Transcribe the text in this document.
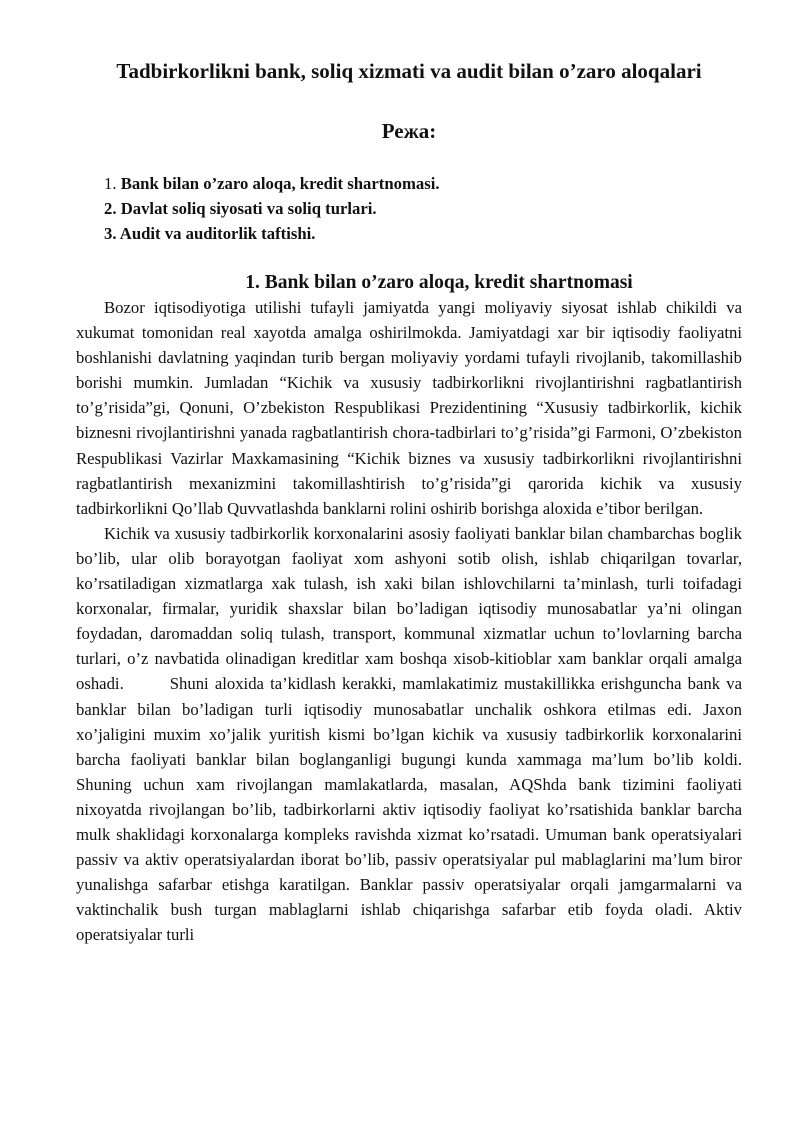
Tadbirkorlikni bank, soliq xizmati va audit bilan o’zaro aloqalari
Режа:
1. Bank bilan o’zaro aloqa, kredit shartnomasi.
2. Davlat soliq siyosati va soliq turlari.
3. Audit va auditorlik taftishi.
1. Bank bilan o’zaro aloqa, kredit shartnomasi

Bozor iqtisodiyotiga utilishi tufayli jamiyatda yangi moliyaviy siyosat ishlab chikildi va xukumat tomonidan real xayotda amalga oshirilmokda. Jamiyatdagi xar bir iqtisodiy faoliyatni boshlanishi davlatning yaqindan turib bergan moliyaviy yordami tufayli rivojlanib, takomillashib borishi mumkin. Jumladan “Kichik va xususiy tadbirkorlikni rivojlantirishni ragbatlantirish to’g’risida”gi, Qonuni, O’zbekiston Respublikasi Prezidentining “Xususiy tadbirkorlik, kichik biznesni rivojlantirishni yanada ragbatlantirish chora-tadbirlari to’g’risida”gi Farmoni, O’zbekiston Respublikasi Vazirlar Maxkamasining “Kichik biznes va xususiy tadbirkorlikni rivojlantirishni ragbatlantirish mexanizmini takomillashtirish to’g’risida”gi qarorida kichik va xususiy tadbirkorlikni Qo’llab Quvvatlashda banklarni rolini oshirib borishga aloxida e’tibor berilgan.

Kichik va xususiy tadbirkorlik korxonalarini asosiy faoliyati banklar bilan chambarchas boglik bo’lib, ular olib borayotgan faoliyat xom ashyoni sotib olish, ishlab chiqarilgan tovarlar, ko’rsatiladigan xizmatlarga xak tulash, ish xaki bilan ishlovchilarni ta’minlash, turli toifadagi korxonalar, firmalar, yuridik shaxslar bilan bo’ladigan iqtisodiy munosabatlar ya’ni olingan foydadan, daromaddan soliq tulash, transport, kommunal xizmatlar uchun to’lovlarning barcha turlari, o’z navbatida olinadigan kreditlar xam boshqa xisob-kitioblar xam banklar orqali amalga oshadi.	Shuni aloxida ta’kidlash kerakki, mamlakatimiz mustakillikka erishguncha bank va banklar bilan bo’ladigan turli iqtisodiy munosabatlar unchalik oshkora etilmas edi. Jaxon xo’jaligini muxim xo’jalik yuritish kismi bo’lgan kichik va xususiy tadbirkorlik korxonalarini barcha faoliyati banklar bilan boglanganligi bugungi kunda xammaga ma’lum bo’lib koldi. Shuning uchun xam rivojlangan mamlakatlarda, masalan, AQShda bank tizimini faoliyati nixoyatda rivojlangan bo’lib, tadbirkorlarni aktiv iqtisodiy faoliyat ko’rsatishida banklar barcha mulk shaklidagi korxonalarga kompleks ravishda xizmat ko’rsatadi. Umuman bank operatsiyalari passiv va aktiv operatsiyalardan iborat bo’lib, passiv operatsiyalar pul mablaglarini ma’lum biror yunalishga safarbar etishga karatilgan. Banklar passiv operatsiyalar orqali jamgarmalarni va vaktinchalik bush turgan mablaglarni ishlab chiqarishga safarbar etib foyda oladi. Aktiv operatsiyalar turli
